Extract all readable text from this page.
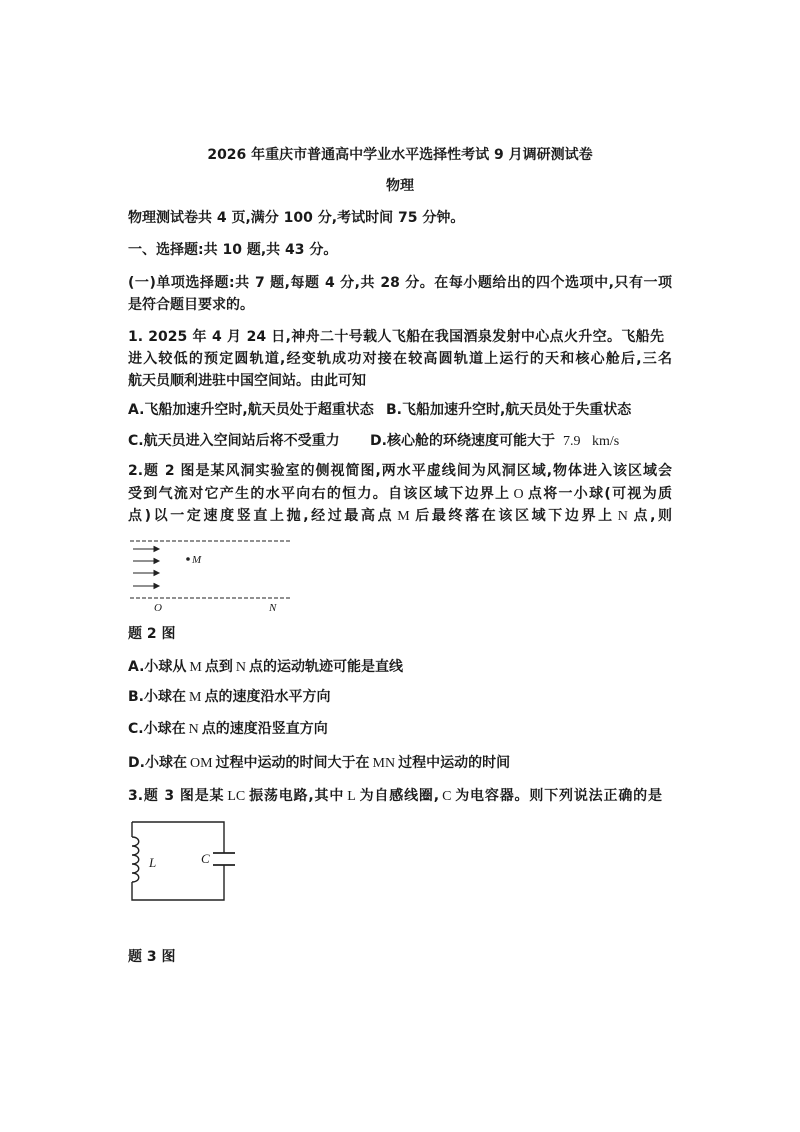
2026 年重庆市普通高中学业水平选择性考试 9 月调研测试卷
物理
物理测试卷共 4 页,满分 100 分,考试时间 75 分钟。
一、选择题:共 10 题,共 43 分。
(一)单项选择题:共 7 题,每题 4 分,共 28 分。在每小题给出的四个选项中,只有一项
是符合题目要求的。
1. 2025 年 4 月 24 日,神舟二十号载人飞船在我国酒泉发射中心点火升空。飞船先
进入较低的预定圆轨道,经变轨成功对接在较高圆轨道上运行的天和核心舱后,三名
航天员顺利进驻中国空间站。由此可知
A.飞船加速升空时,航天员处于超重状态 B.飞船加速升空时,航天员处于失重状态
C.航天员进入空间站后将不受重力 D.核心舱的环绕速度可能大于 7.9 km/s
2.题 2 图是某风洞实验室的侧视简图,两水平虚线间为风洞区域,物体进入该区域会
受到气流对它产生的水平向右的恒力。自该区域下边界上 O 点将一小球(可视为质
点)以一定速度竖直上抛,经过最高点 M 后最终落在该区域下边界上 N 点,则
M
O	N
题 2 图
A.小球从 M 点到 N 点的运动轨迹可能是直线
B.小球在 M 点的速度沿水平方向
C.小球在 N 点的速度沿竖直方向
D.小球在 OM 过程中运动的时间大于在 MN 过程中运动的时间
3.题 3 图是某 LC 振荡电路,其中 L 为自感线圈, C 为电容器。则下列说法正确的是
L	C
题 3 图
